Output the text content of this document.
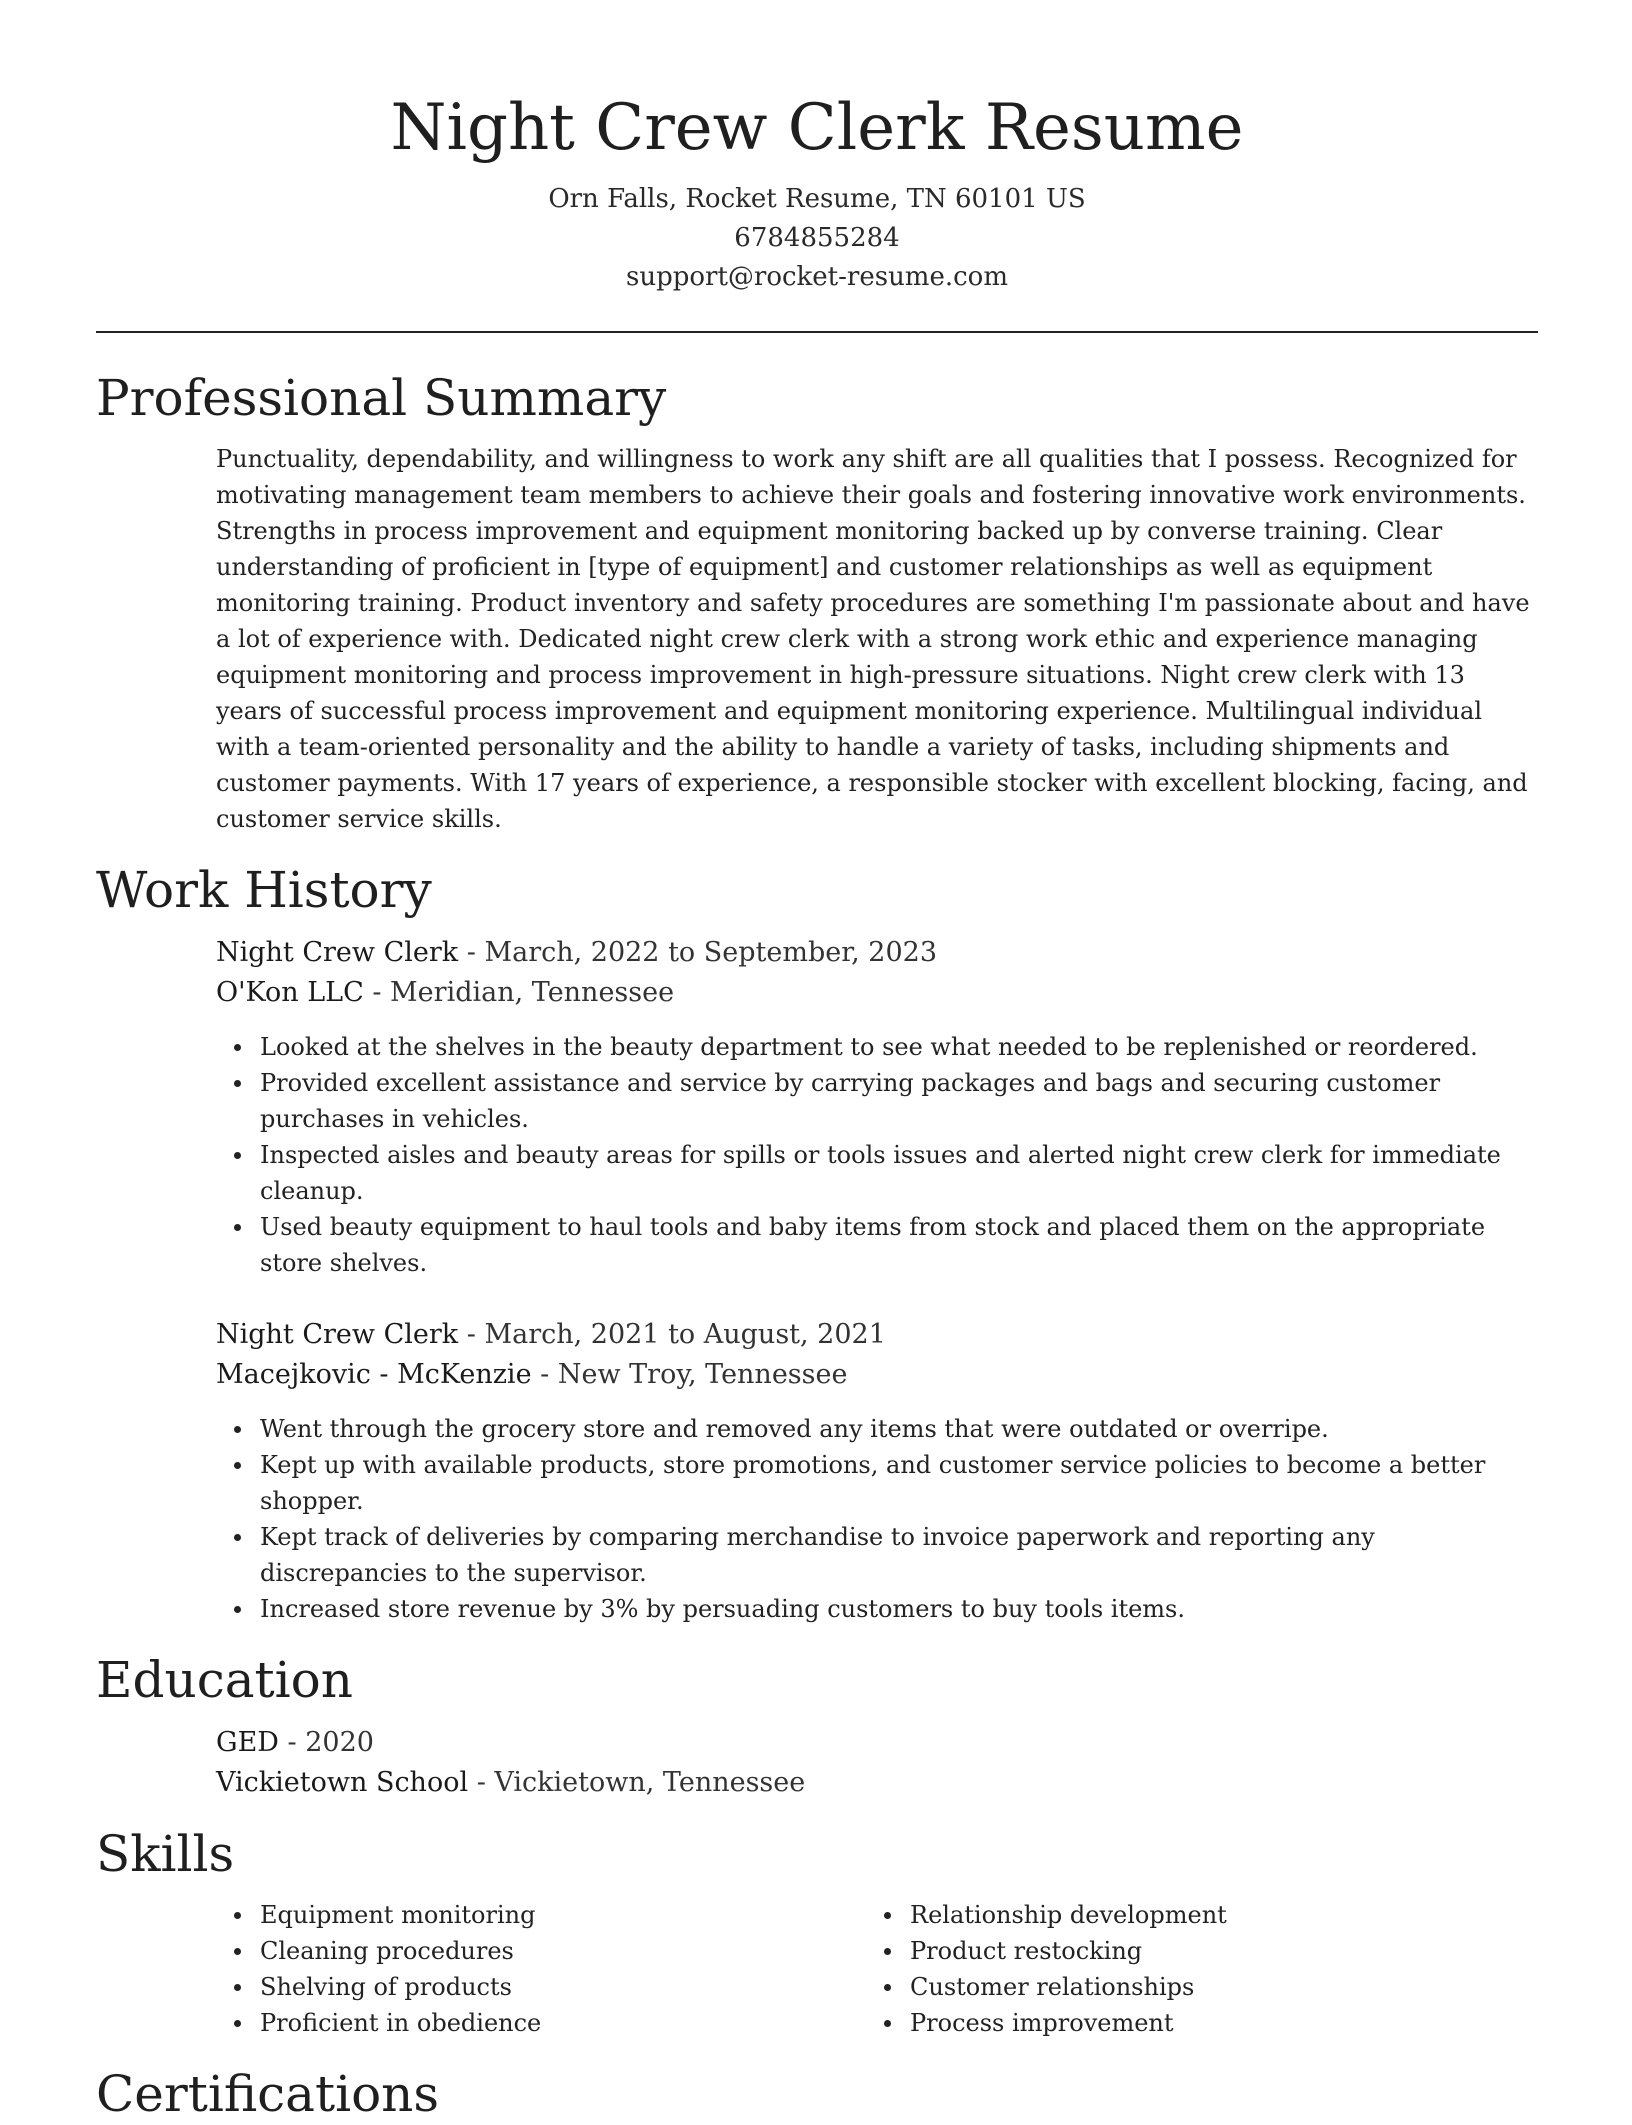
Night Crew Clerk Resume
Orn Falls, Rocket Resume, TN 60101 US
6784855284
support@rocket-resume.com
Professional Summary
Punctuality, dependability, and willingness to work any shift are all qualities that I possess. Recognized for motivating management team members to achieve their goals and fostering innovative work environments. Strengths in process improvement and equipment monitoring backed up by converse training. Clear understanding of proficient in [type of equipment] and customer relationships as well as equipment monitoring training. Product inventory and safety procedures are something I'm passionate about and have a lot of experience with. Dedicated night crew clerk with a strong work ethic and experience managing equipment monitoring and process improvement in high-pressure situations. Night crew clerk with 13 years of successful process improvement and equipment monitoring experience. Multilingual individual with a team-oriented personality and the ability to handle a variety of tasks, including shipments and customer payments. With 17 years of experience, a responsible stocker with excellent blocking, facing, and customer service skills.
Work History
Night Crew Clerk - March, 2022 to September, 2023
O'Kon LLC - Meridian, Tennessee
Looked at the shelves in the beauty department to see what needed to be replenished or reordered.
Provided excellent assistance and service by carrying packages and bags and securing customer purchases in vehicles.
Inspected aisles and beauty areas for spills or tools issues and alerted night crew clerk for immediate cleanup.
Used beauty equipment to haul tools and baby items from stock and placed them on the appropriate store shelves.
Night Crew Clerk - March, 2021 to August, 2021
Macejkovic - McKenzie - New Troy, Tennessee
Went through the grocery store and removed any items that were outdated or overripe.
Kept up with available products, store promotions, and customer service policies to become a better shopper.
Kept track of deliveries by comparing merchandise to invoice paperwork and reporting any discrepancies to the supervisor.
Increased store revenue by 3% by persuading customers to buy tools items.
Education
GED - 2020
Vickietown School - Vickietown, Tennessee
Skills
Equipment monitoring
Cleaning procedures
Shelving of products
Proficient in obedience
Relationship development
Product restocking
Customer relationships
Process improvement
Certifications
